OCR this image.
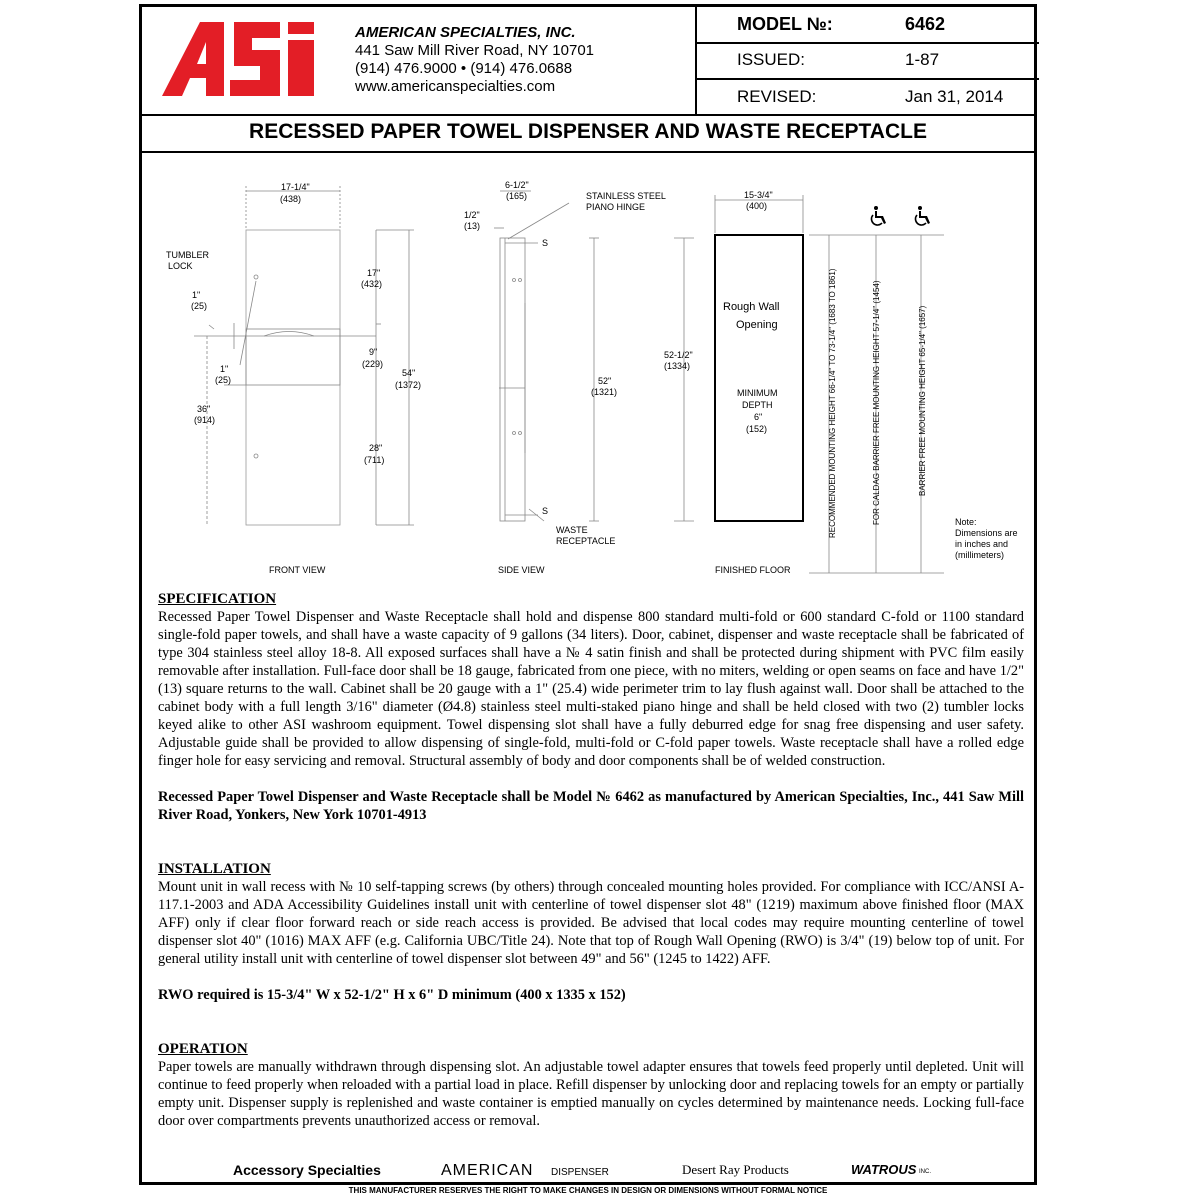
AMERICAN SPECIALTIES, INC.
441 Saw Mill River Road, NY 10701
(914) 476.9000 • (914) 476.0688
www.americanspecialties.com
MODEL №:	6462
ISSUED:	1-87
REVISED:	Jan 31, 2014
RECESSED PAPER TOWEL DISPENSER AND WASTE RECEPTACLE
17-1/4"
(438)
TUMBLER
LOCK
1"
(25)
1"
(25)
36"
(914)
17"
(432)
9"
(229)
54"
(1372)
28"
(711)
FRONT VIEW
6-1/2"
(165)
1/2"
(13)
STAINLESS STEEL
PIANO HINGE
S
S
52"
(1321)
WASTE
RECEPTACLE
SIDE VIEW
15-3/4"
(400)
52-1/2"
(1334)
Rough Wall
Opening
MINIMUM
DEPTH
6"
(152)
FINISHED FLOOR
RECOMMENDED MOUNTING HEIGHT 66-1/4" TO 73-1/4" (1683 TO 1861)	FOR CALDAG BARRIER FREE MOUNTING HEIGHT 57-1/4" (1454)	BARRIER FREE MOUNTING HEIGHT 65-1/4" (1657)
Note:
Dimensions are
in inches and
(millimeters)
SPECIFICATION
Recessed Paper Towel Dispenser and Waste Receptacle shall hold and dispense 800 standard multi-fold or 600 standard C-fold or 1100 standard single-fold paper towels, and shall have a waste capacity of 9 gallons (34 liters). Door, cabinet, dispenser and waste receptacle shall be fabricated of type 304 stainless steel alloy 18-8. All exposed surfaces shall have a № 4 satin finish and shall be protected during shipment with PVC film easily removable after installation. Full-face door shall be 18 gauge, fabricated from one piece, with no miters, welding or open seams on face and have 1/2" (13) square returns to the wall. Cabinet shall be 20 gauge with a 1" (25.4) wide perimeter trim to lay flush against wall. Door shall be attached to the cabinet body with a full length 3/16" diameter (Ø4.8) stainless steel multi-staked piano hinge and shall be held closed with two (2) tumbler locks keyed alike to other ASI washroom equipment. Towel dispensing slot shall have a fully deburred edge for snag free dispensing and user safety. Adjustable guide shall be provided to allow dispensing of single-fold, multi-fold or C-fold paper towels. Waste receptacle shall have a rolled edge finger hole for easy servicing and removal. Structural assembly of body and door components shall be of welded construction.
Recessed Paper Towel Dispenser and Waste Receptacle shall be Model № 6462 as manufactured by American Specialties, Inc., 441 Saw Mill River Road, Yonkers, New York 10701-4913
INSTALLATION
Mount unit in wall recess with № 10 self-tapping screws (by others) through concealed mounting holes provided. For compliance with ICC/ANSI A-117.1-2003 and ADA Accessibility Guidelines install unit with centerline of towel dispenser slot 48" (1219) maximum above finished floor (MAX AFF) only if clear floor forward reach or side reach access is provided. Be advised that local codes may require mounting centerline of towel dispenser slot 40" (1016) MAX AFF (e.g. California UBC/Title 24). Note that top of Rough Wall Opening (RWO) is 3/4" (19) below top of unit. For general utility install unit with centerline of towel dispenser slot between 49" and 56" (1245 to 1422) AFF.
RWO required is 15-3/4" W x 52-1/2" H x 6" D minimum (400 x 1335 x 152)
OPERATION
Paper towels are manually withdrawn through dispensing slot. An adjustable towel adapter ensures that towels feed properly until depleted. Unit will continue to feed properly when reloaded with a partial load in place. Refill dispenser by unlocking door and replacing towels for an empty or partially empty unit. Dispenser supply is replenished and waste container is emptied manually on cycles determined by maintenance needs. Locking full-face door over compartments prevents unauthorized access or removal.
Accessory Specialties	AMERICAN DISPENSER	Desert Ray Products	WATROUS INC.
THIS MANUFACTURER RESERVES THE RIGHT TO MAKE CHANGES IN DESIGN OR DIMENSIONS WITHOUT FORMAL NOTICE
